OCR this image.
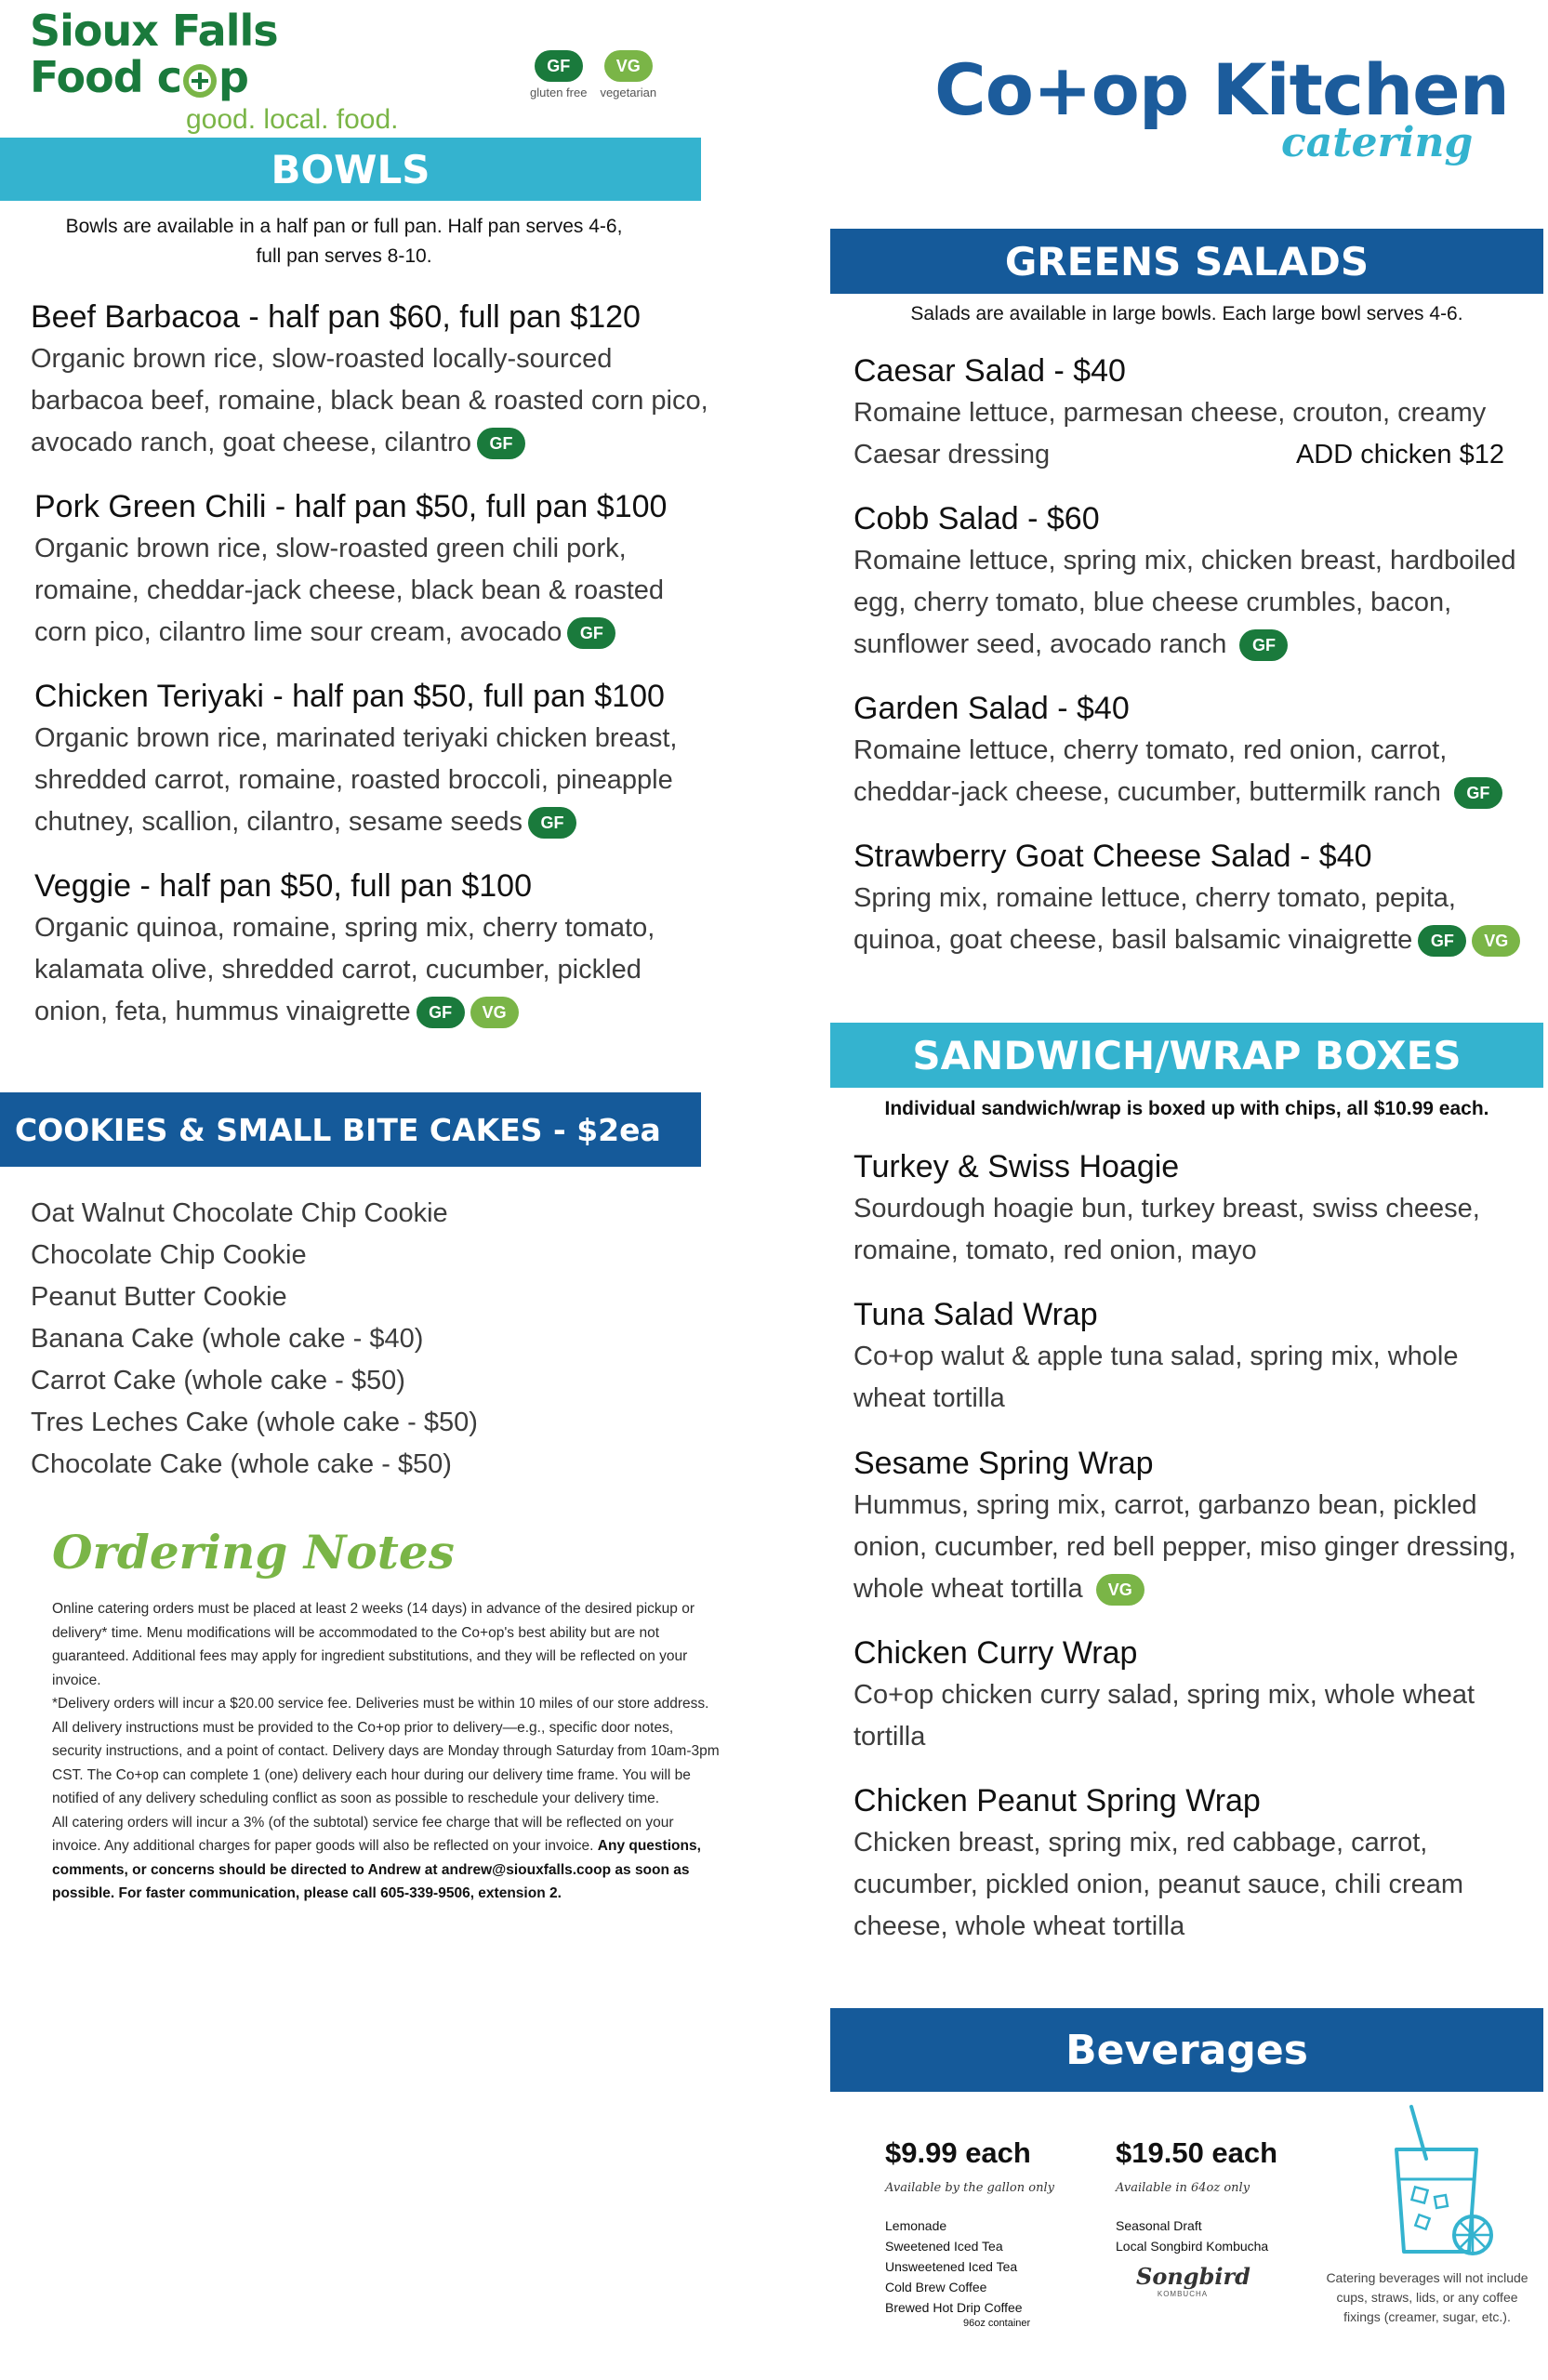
Sioux Falls
Food c p
good. local. food.
GF
gluten free
VG
vegetarian	Co+op Kitchen
catering
BOWLS
Bowls are available in a half pan or full pan. Half pan serves 4-6,
full pan serves 8-10.
Beef Barbacoa - half pan $60, full pan $120
Organic brown rice, slow-roasted locally-sourced
barbacoa beef, romaine, black bean & roasted corn pico,
avocado ranch, goat cheese, cilantro GF
Pork Green Chili - half pan $50, full pan $100
Organic brown rice, slow-roasted green chili pork,
romaine, cheddar-jack cheese, black bean & roasted
corn pico, cilantro lime sour cream, avocado GF
Chicken Teriyaki - half pan $50, full pan $100
Organic brown rice, marinated teriyaki chicken breast,
shredded carrot, romaine, roasted broccoli, pineapple
chutney, scallion, cilantro, sesame seeds GF
Veggie - half pan $50, full pan $100
Organic quinoa, romaine, spring mix, cherry tomato,
kalamata olive, shredded carrot, cucumber, pickled
onion, feta, hummus vinaigrette GF VG
COOKIES & SMALL BITE CAKES - $2ea
Oat Walnut Chocolate Chip Cookie
Chocolate Chip Cookie
Peanut Butter Cookie
Banana Cake (whole cake - $40)
Carrot Cake (whole cake - $50)
Tres Leches Cake (whole cake - $50)
Chocolate Cake (whole cake - $50)
Ordering Notes

Online catering orders must be placed at least 2 weeks (14 days) in advance of the desired pickup or delivery* time. Menu modifications will be accommodated to the Co+op's best ability but are not guaranteed. Additional fees may apply for ingredient substitutions, and they will be reflected on your invoice.

*Delivery orders will incur a $20.00 service fee. Deliveries must be within 10 miles of our store address. All delivery instructions must be provided to the Co+op prior to delivery—e.g., specific door notes, security instructions, and a point of contact. Delivery days are Monday through Saturday from 10am-3pm CST. The Co+op can complete 1 (one) delivery each hour during our delivery time frame. You will be notified of any delivery scheduling conflict as soon as possible to reschedule your delivery time.

All catering orders will incur a 3% (of the subtotal) service fee charge that will be reflected on your invoice. Any additional charges for paper goods will also be reflected on your invoice. Any questions, comments, or concerns should be directed to Andrew at andrew@siouxfalls.coop as soon as possible. For faster communication, please call 605-339-9506, extension 2.

GREENS SALADS
Salads are available in large bowls. Each large bowl serves 4-6.
Caesar Salad - $40
Romaine lettuce, parmesan cheese, crouton, creamy
Caesar dressing	ADD chicken $12
Cobb Salad - $60
Romaine lettuce, spring mix, chicken breast, hardboiled
egg, cherry tomato, blue cheese crumbles, bacon,
sunflower seed, avocado ranch GF
Garden Salad - $40
Romaine lettuce, cherry tomato, red onion, carrot,
cheddar-jack cheese, cucumber, buttermilk ranch GF
Strawberry Goat Cheese Salad - $40
Spring mix, romaine lettuce, cherry tomato, pepita,
quinoa, goat cheese, basil balsamic vinaigrette GF VG
SANDWICH/WRAP BOXES
Individual sandwich/wrap is boxed up with chips, all $10.99 each.
Turkey & Swiss Hoagie
Sourdough hoagie bun, turkey breast, swiss cheese,
romaine, tomato, red onion, mayo
Tuna Salad Wrap
Co+op walut & apple tuna salad, spring mix, whole
wheat tortilla
Sesame Spring Wrap
Hummus, spring mix, carrot, garbanzo bean, pickled
onion, cucumber, red bell pepper, miso ginger dressing,
whole wheat tortilla VG
Chicken Curry Wrap
Co+op chicken curry salad, spring mix, whole wheat
tortilla
Chicken Peanut Spring Wrap
Chicken breast, spring mix, red cabbage, carrot,
cucumber, pickled onion, peanut sauce, chili cream
cheese, whole wheat tortilla
Beverages
$9.99 each
Available by the gallon only
Lemonade
Sweetened Iced Tea
Unsweetened Iced Tea
Cold Brew Coffee
Brewed Hot Drip Coffee
96oz container
$19.50 each
Available in 64oz only
Seasonal Draft
Local Songbird Kombucha
Songbird
KOMBUCHA
Catering beverages will not include cups, straws, lids, or any coffee fixings (creamer, sugar, etc.).
